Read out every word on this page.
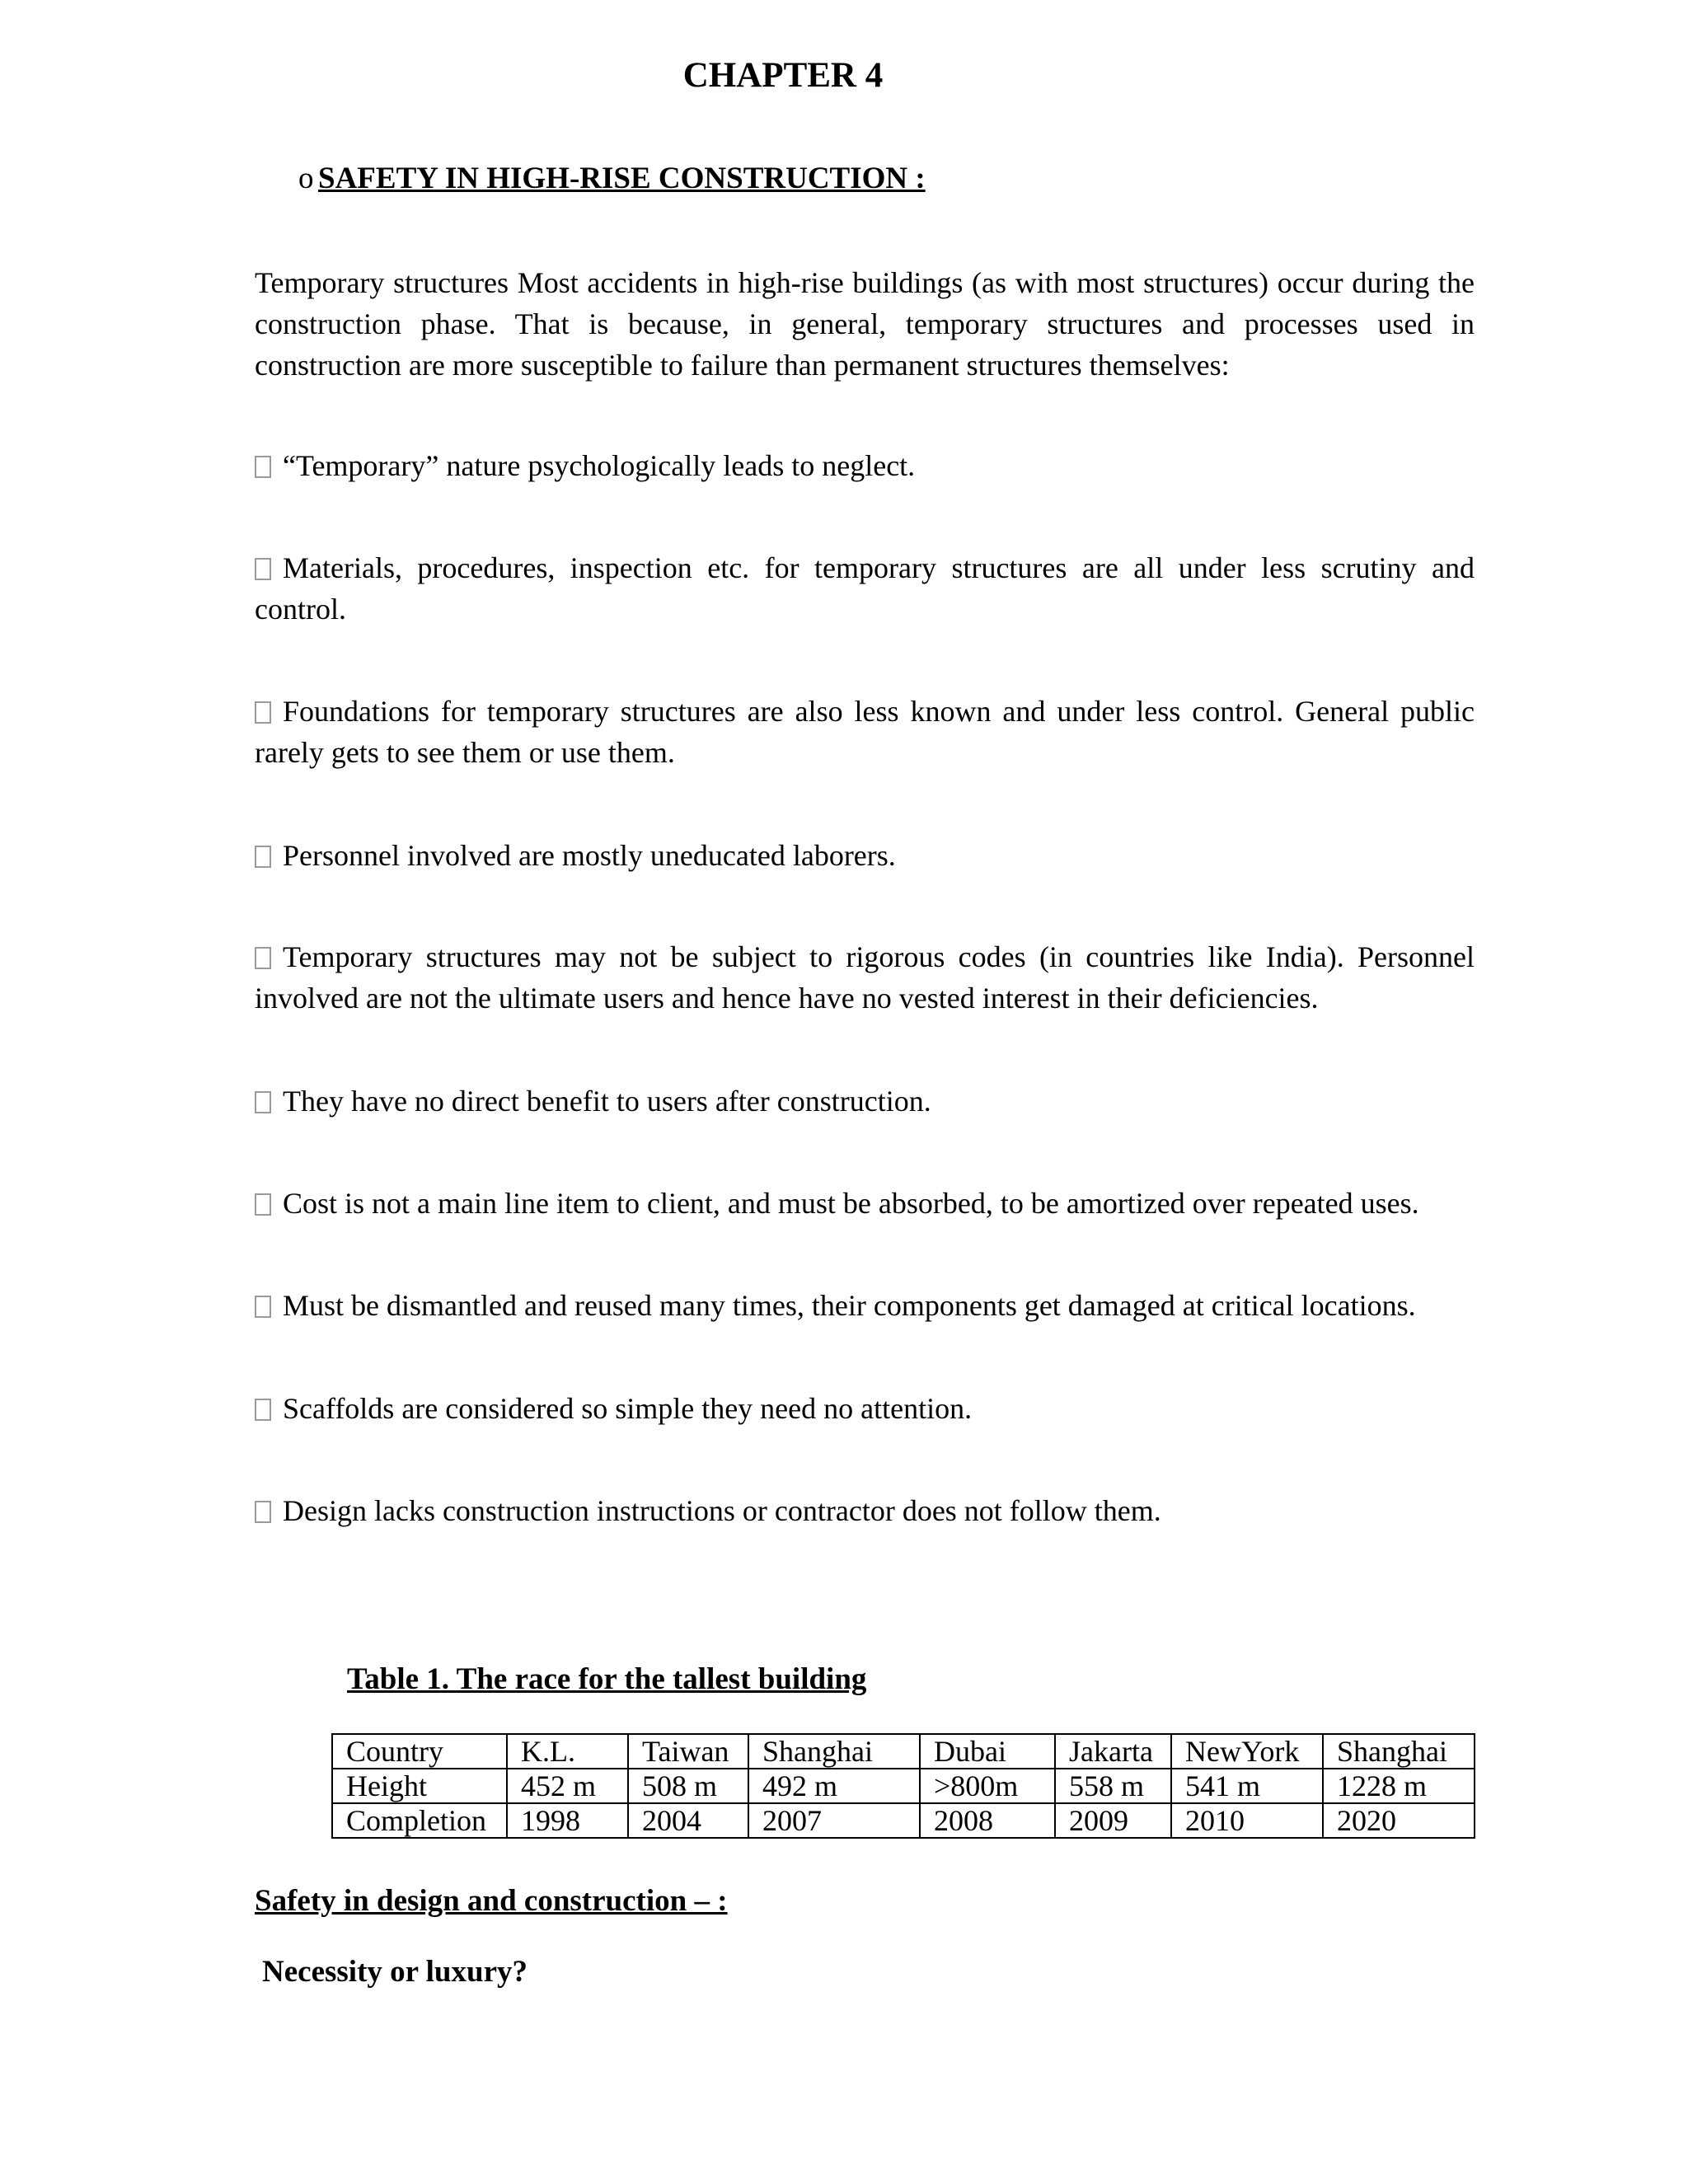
CHAPTER 4
o SAFETY IN HIGH-RISE CONSTRUCTION :
Temporary structures Most accidents in high-rise buildings (as with most structures) occur during the construction phase. That is because, in general, temporary structures and processes used in construction are more susceptible to failure than permanent structures themselves:
“Temporary” nature psychologically leads to neglect.
Materials, procedures, inspection etc. for temporary structures are all under less scrutiny and control.
Foundations for temporary structures are also less known and under less control. General public rarely gets to see them or use them.
Personnel involved are mostly uneducated laborers.
Temporary structures may not be subject to rigorous codes (in countries like India). Personnel involved are not the ultimate users and hence have no vested interest in their deficiencies.
They have no direct benefit to users after construction.
Cost is not a main line item to client, and must be absorbed, to be amortized over repeated uses.
Must be dismantled and reused many times, their components get damaged at critical locations.
Scaffolds are considered so simple they need no attention.
Design lacks construction instructions or contractor does not follow them.
Table 1. The race for the tallest building
Country	K.L.	Taiwan	Shanghai	Dubai	Jakarta	NewYork	Shanghai
Height	452 m	508 m	492 m	>800m	558 m	541 m	1228 m
Completion	1998	2004	2007	2008	2009	2010	2020
Safety in design and construction – :
Necessity or luxury?
